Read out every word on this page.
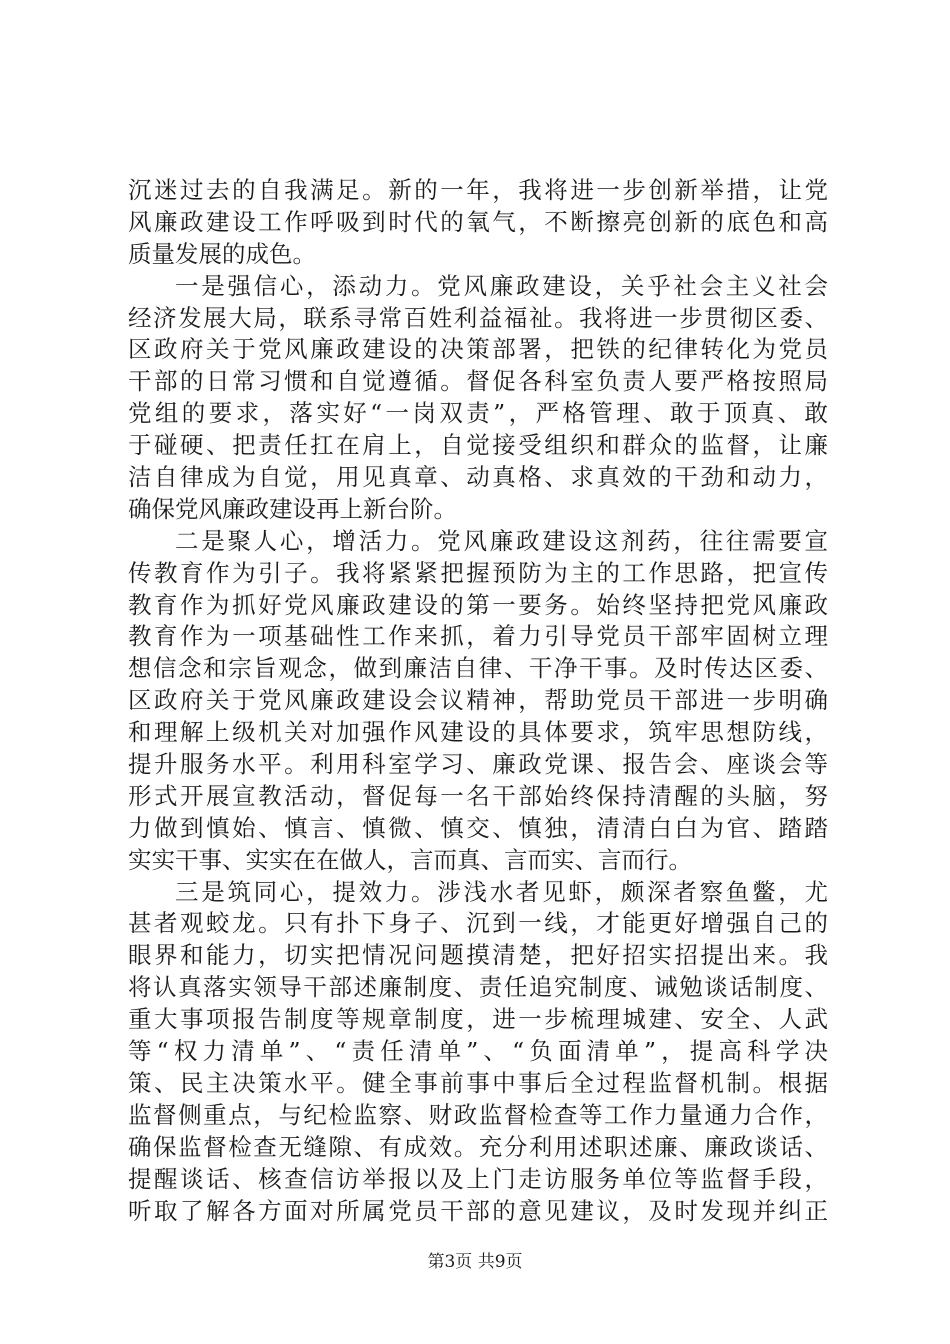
沉迷过去的自我满足。新的一年，我将进一步创新举措，让党
风廉政建设工作呼吸到时代的氧气，不断擦亮创新的底色和高
质量发展的成色。
一是强信心，添动力。党风廉政建设，关乎社会主义社会
经济发展大局，联系寻常百姓利益福祉。我将进一步贯彻区委、
区政府关于党风廉政建设的决策部署，把铁的纪律转化为党员
干部的日常习惯和自觉遵循。督促各科室负责人要严格按照局
党组的要求，落实好“一岗双责”，严格管理、敢于顶真、敢
于碰硬、把责任扛在肩上，自觉接受组织和群众的监督，让廉
洁自律成为自觉，用见真章、动真格、求真效的干劲和动力，
确保党风廉政建设再上新台阶。
二是聚人心，增活力。党风廉政建设这剂药，往往需要宣
传教育作为引子。我将紧紧把握预防为主的工作思路，把宣传
教育作为抓好党风廉政建设的第一要务。始终坚持把党风廉政
教育作为一项基础性工作来抓，着力引导党员干部牢固树立理
想信念和宗旨观念，做到廉洁自律、干净干事。及时传达区委、
区政府关于党风廉政建设会议精神，帮助党员干部进一步明确
和理解上级机关对加强作风建设的具体要求，筑牢思想防线，
提升服务水平。利用科室学习、廉政党课、报告会、座谈会等
形式开展宣教活动，督促每一名干部始终保持清醒的头脑，努
力做到慎始、慎言、慎微、慎交、慎独，清清白白为官、踏踏
实实干事、实实在在做人，言而真、言而实、言而行。
三是筑同心，提效力。涉浅水者见虾，颇深者察鱼鳖，尤
甚者观蛟龙。只有扑下身子、沉到一线，才能更好增强自己的
眼界和能力，切实把情况问题摸清楚，把好招实招提出来。我
将认真落实领导干部述廉制度、责任追究制度、诫勉谈话制度、
重大事项报告制度等规章制度，进一步梳理城建、安全、人武
等“权力清单”、“责任清单”、“负面清单”，提高科学决
策、民主决策水平。健全事前事中事后全过程监督机制。根据
监督侧重点，与纪检监察、财政监督检查等工作力量通力合作，
确保监督检查无缝隙、有成效。充分利用述职述廉、廉政谈话、
提醒谈话、核查信访举报以及上门走访服务单位等监督手段，
听取了解各方面对所属党员干部的意见建议，及时发现并纠正
第3页 共9页
